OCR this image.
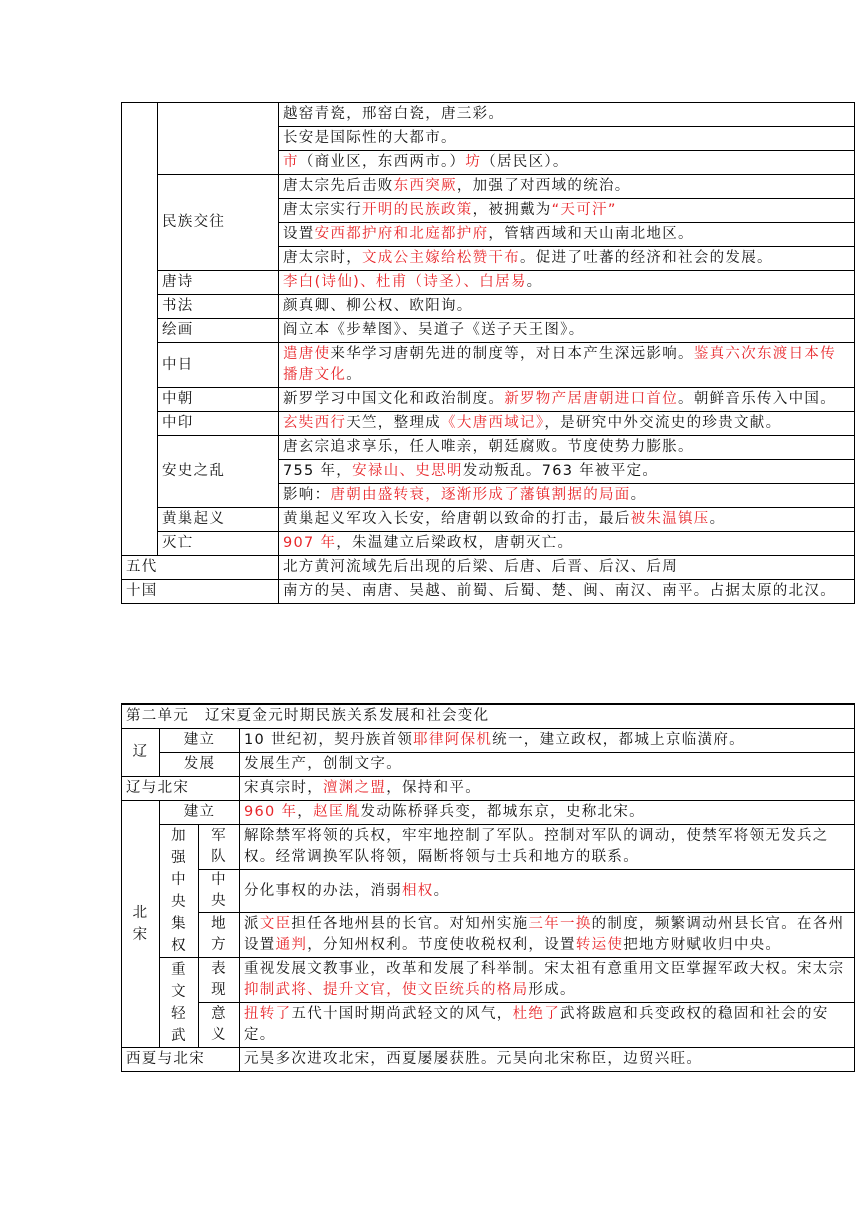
		越窑青瓷，邢窑白瓷，唐三彩。
		长安是国际性的大都市。
		市（商业区，东西两市。）坊（居民区）。
	民族交往	唐太宗先后击败东西突厥，加强了对西域的统治。
		唐太宗实行开明的民族政策，被拥戴为“天可汗”
		设置安西都护府和北庭都护府，管辖西域和天山南北地区。
		唐太宗时，文成公主嫁给松赞干布。促进了吐蕃的经济和社会的发展。
	唐诗	李白(诗仙)、杜甫（诗圣）、白居易。
	书法	颜真卿、柳公权、欧阳询。
	绘画	阎立本《步辇图》、吴道子《送子天王图》。
	中日	遣唐使来华学习唐朝先进的制度等，对日本产生深远影响。鉴真六次东渡日本传播唐文化。
	中朝	新罗学习中国文化和政治制度。新罗物产居唐朝进口首位。朝鲜音乐传入中国。
	中印	玄奘西行天竺，整理成《大唐西域记》，是研究中外交流史的珍贵文献。
	安史之乱	唐玄宗追求享乐，任人唯亲，朝廷腐败。节度使势力膨胀。
		755 年，安禄山、史思明发动叛乱。763 年被平定。
		影响：唐朝由盛转衰，逐渐形成了藩镇割据的局面。
	黄巢起义	黄巢起义军攻入长安，给唐朝以致命的打击，最后被朱温镇压。
	灭亡	907 年，朱温建立后梁政权，唐朝灭亡。
五代		北方黄河流域先后出现的后梁、后唐、后晋、后汉、后周
十国		南方的吴、南唐、吴越、前蜀、后蜀、楚、闽、南汉、南平。占据太原的北汉。
第二单元　辽宋夏金元时期民族关系发展和社会变化			
辽	建立		10 世纪初，契丹族首领耶律阿保机统一，建立政权，都城上京临潢府。
	发展		发展生产，创制文字。
辽与北宋			宋真宗时，澶渊之盟，保持和平。
北宋	建立		960 年，赵匡胤发动陈桥驿兵变，都城东京，史称北宋。
	加强中央集权	军队	解除禁军将领的兵权，牢牢地控制了军队。控制对军队的调动，使禁军将领无发兵之权。经常调换军队将领，隔断将领与士兵和地方的联系。
		中央	分化事权的办法，消弱相权。
		地方	派文臣担任各地州县的长官。对知州实施三年一换的制度，频繁调动州县长官。在各州设置通判，分知州权利。节度使收税权利，设置转运使把地方财赋收归中央。
	重文轻武	表现	重视发展文教事业，改革和发展了科举制。宋太祖有意重用文臣掌握军政大权。宋太宗抑制武将、提升文官，使文臣统兵的格局形成。
		意义	扭转了五代十国时期尚武轻文的风气，杜绝了武将跋扈和兵变政权的稳固和社会的安定。
西夏与北宋			元昊多次进攻北宋，西夏屡屡获胜。元昊向北宋称臣，边贸兴旺。
